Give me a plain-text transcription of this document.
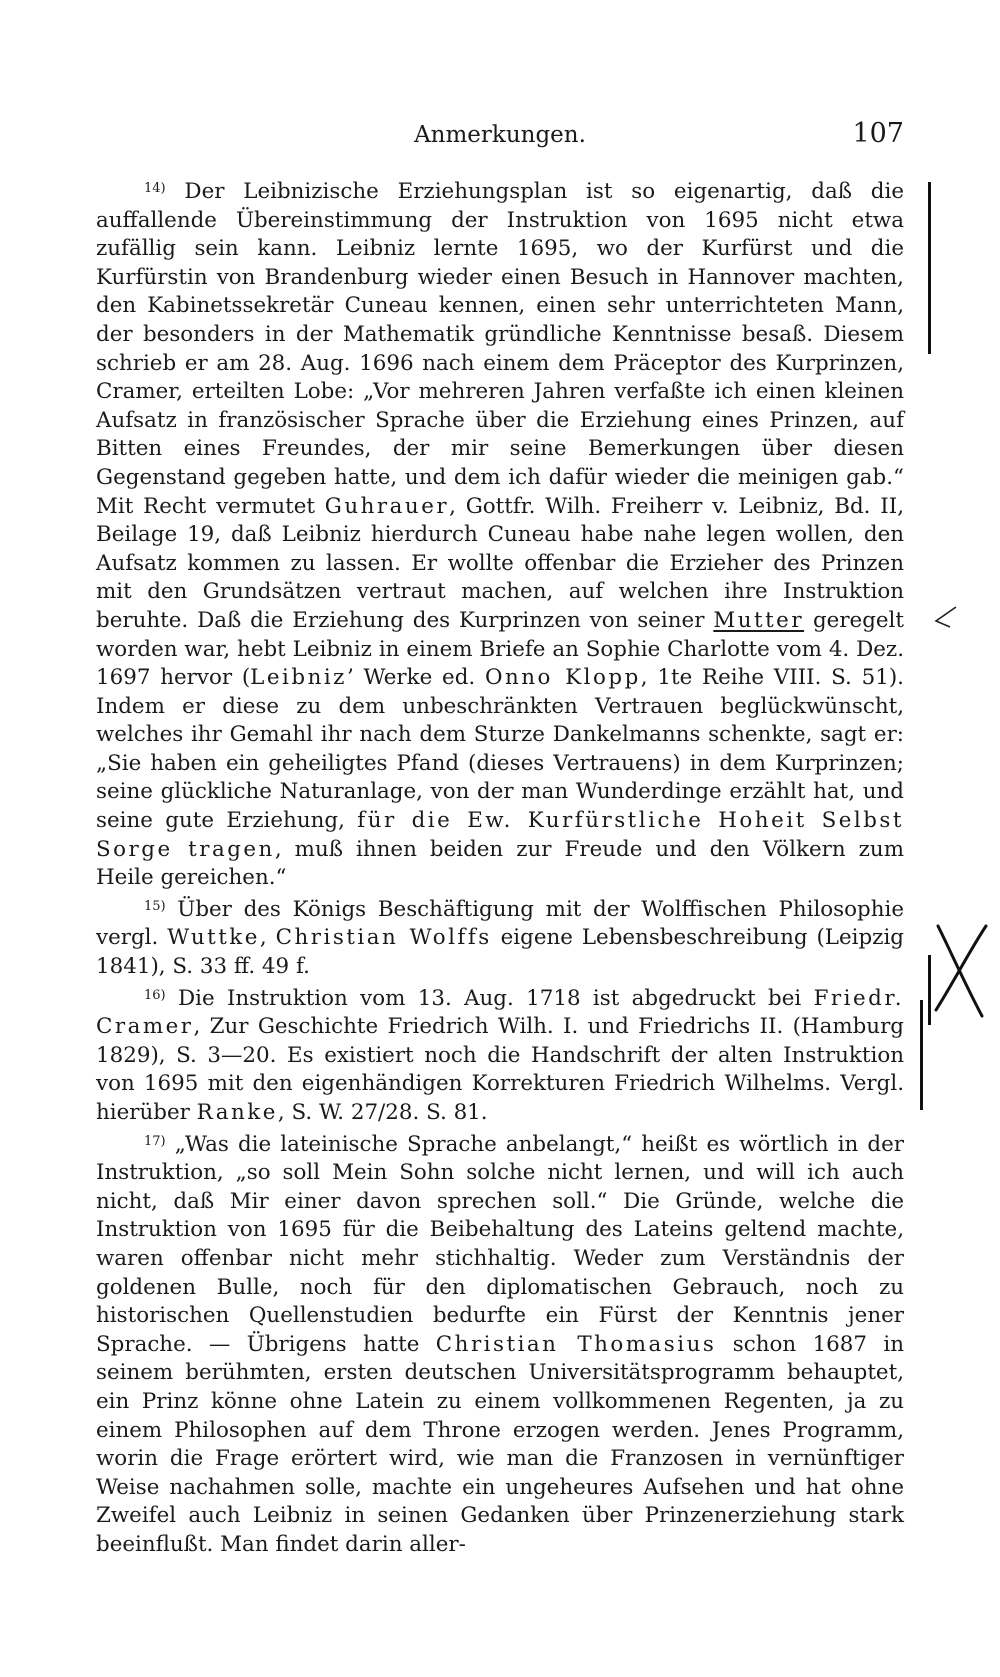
Anmerkungen.	107

$^{14)}$ Der Leibnizische Erziehungsplan ist so eigenartig, daß die auffallende Übereinstimmung der Instruktion von 1695 nicht etwa zufällig sein kann. Leibniz lernte 1695, wo der Kurfürst und die Kurfürstin von Brandenburg wieder einen Besuch in Hannover machten, den Kabinetssekretär Cuneau kennen, einen sehr unterrichteten Mann, der besonders in der Mathematik gründliche Kenntnisse besaß. Diesem schrieb er am 28. Aug. 1696 nach einem dem Präceptor des Kurprinzen, Cramer, erteilten Lobe: „Vor mehreren Jahren verfaßte ich einen kleinen Aufsatz in französischer Sprache über die Erziehung eines Prinzen, auf Bitten eines Freundes, der mir seine Bemerkungen über diesen Gegenstand gegeben hatte, und dem ich dafür wieder die meinigen gab.“ Mit Recht vermutet Guhrauer, Gottfr. Wilh. Freiherr v. Leibniz, Bd. II, Beilage 19, daß Leibniz hierdurch Cuneau habe nahe legen wollen, den Aufsatz kommen zu lassen. Er wollte offenbar die Erzieher des Prinzen mit den Grundsätzen vertraut machen, auf welchen ihre Instruktion beruhte. Daß die Erziehung des Kurprinzen von seiner Mutter geregelt worden war, hebt Leibniz in einem Briefe an Sophie Charlotte vom 4. Dez. 1697 hervor (Leibniz’ Werke ed. Onno Klopp, 1te Reihe VIII. S. 51). Indem er diese zu dem unbeschränkten Vertrauen beglückwünscht, welches ihr Gemahl ihr nach dem Sturze Dankelmanns schenkte, sagt er: „Sie haben ein geheiligtes Pfand (dieses Vertrauens) in dem Kurprinzen; seine glückliche Naturanlage, von der man Wunderdinge erzählt hat, und seine gute Erziehung, für die Ew. Kurfürstliche Hoheit Selbst Sorge tragen, muß ihnen beiden zur Freude und den Völkern zum Heile gereichen.“

$^{15)}$ Über des Königs Beschäftigung mit der Wolffischen Philosophie vergl. Wuttke, Christian Wolffs eigene Lebensbeschreibung (Leipzig 1841), S. 33 ff. 49 f.

$^{16)}$ Die Instruktion vom 13. Aug. 1718 ist abgedruckt bei Friedr. Cramer, Zur Geschichte Friedrich Wilh. I. und Friedrichs II. (Hamburg 1829), S. 3—20. Es existiert noch die Handschrift der alten Instruktion von 1695 mit den eigenhändigen Korrekturen Friedrich Wilhelms. Vergl. hierüber Ranke, S. W. 27/28. S. 81.

$^{17)}$ „Was die lateinische Sprache anbelangt,“ heißt es wörtlich in der Instruktion, „so soll Mein Sohn solche nicht lernen, und will ich auch nicht, daß Mir einer davon sprechen soll.“ Die Gründe, welche die Instruktion von 1695 für die Beibehaltung des Lateins geltend machte, waren offenbar nicht mehr stichhaltig. Weder zum Verständnis der goldenen Bulle, noch für den diplomatischen Gebrauch, noch zu historischen Quellenstudien bedurfte ein Fürst der Kenntnis jener Sprache. — Übrigens hatte Christian Thomasius schon 1687 in seinem berühmten, ersten deutschen Universitätsprogramm behauptet, ein Prinz könne ohne Latein zu einem vollkommenen Regenten, ja zu einem Philosophen auf dem Throne erzogen werden. Jenes Programm, worin die Frage erörtert wird, wie man die Franzosen in vernünftiger Weise nachahmen solle, machte ein ungeheures Aufsehen und hat ohne Zweifel auch Leibniz in seinen Gedanken über Prinzenerziehung stark beeinflußt. Man findet darin aller-
